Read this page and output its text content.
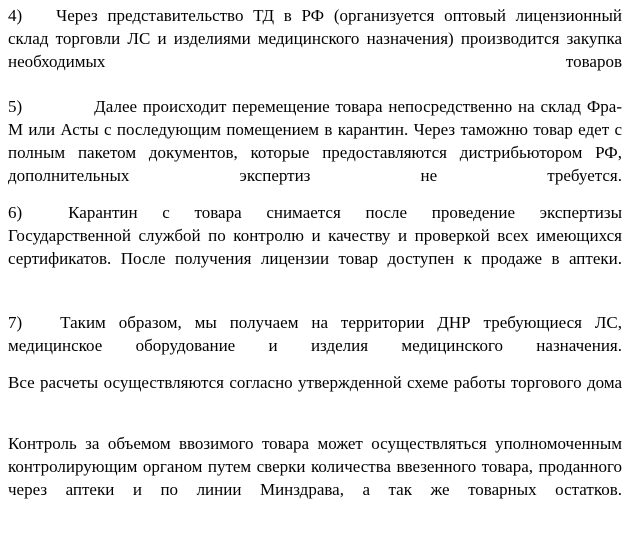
4) Через представительство ТД в РФ (организуется оптовый лицензионный склад торговли ЛС и изделиями медицинского назначения) производится закупка необходимых товаров

5)	Далее происходит перемещение товара непосредственно на склад Фра-М или Асты с последующим помещением в карантин. Через таможню товар едет с полным пакетом документов, которые предоставляются дистрибьютором РФ, дополнительных экспертиз не требуется.

6)	Карантин с товара снимается после проведение экспертизы Государственной службой по контролю и качеству и проверкой всех имеющихся сертификатов. После получения лицензии товар доступен к продаже в аптеки.

7) Таким образом, мы получаем на территории ДНР требующиеся ЛС, медицинское оборудование и изделия медицинского назначения.

Все расчеты осуществляются согласно утвержденной схеме работы торгового дома

Контроль за объемом ввозимого товара может осуществляться уполномоченным контролирующим органом путем сверки количества ввезенного товара, проданного через аптеки и по линии Минздрава, а так же товарных остатков.
